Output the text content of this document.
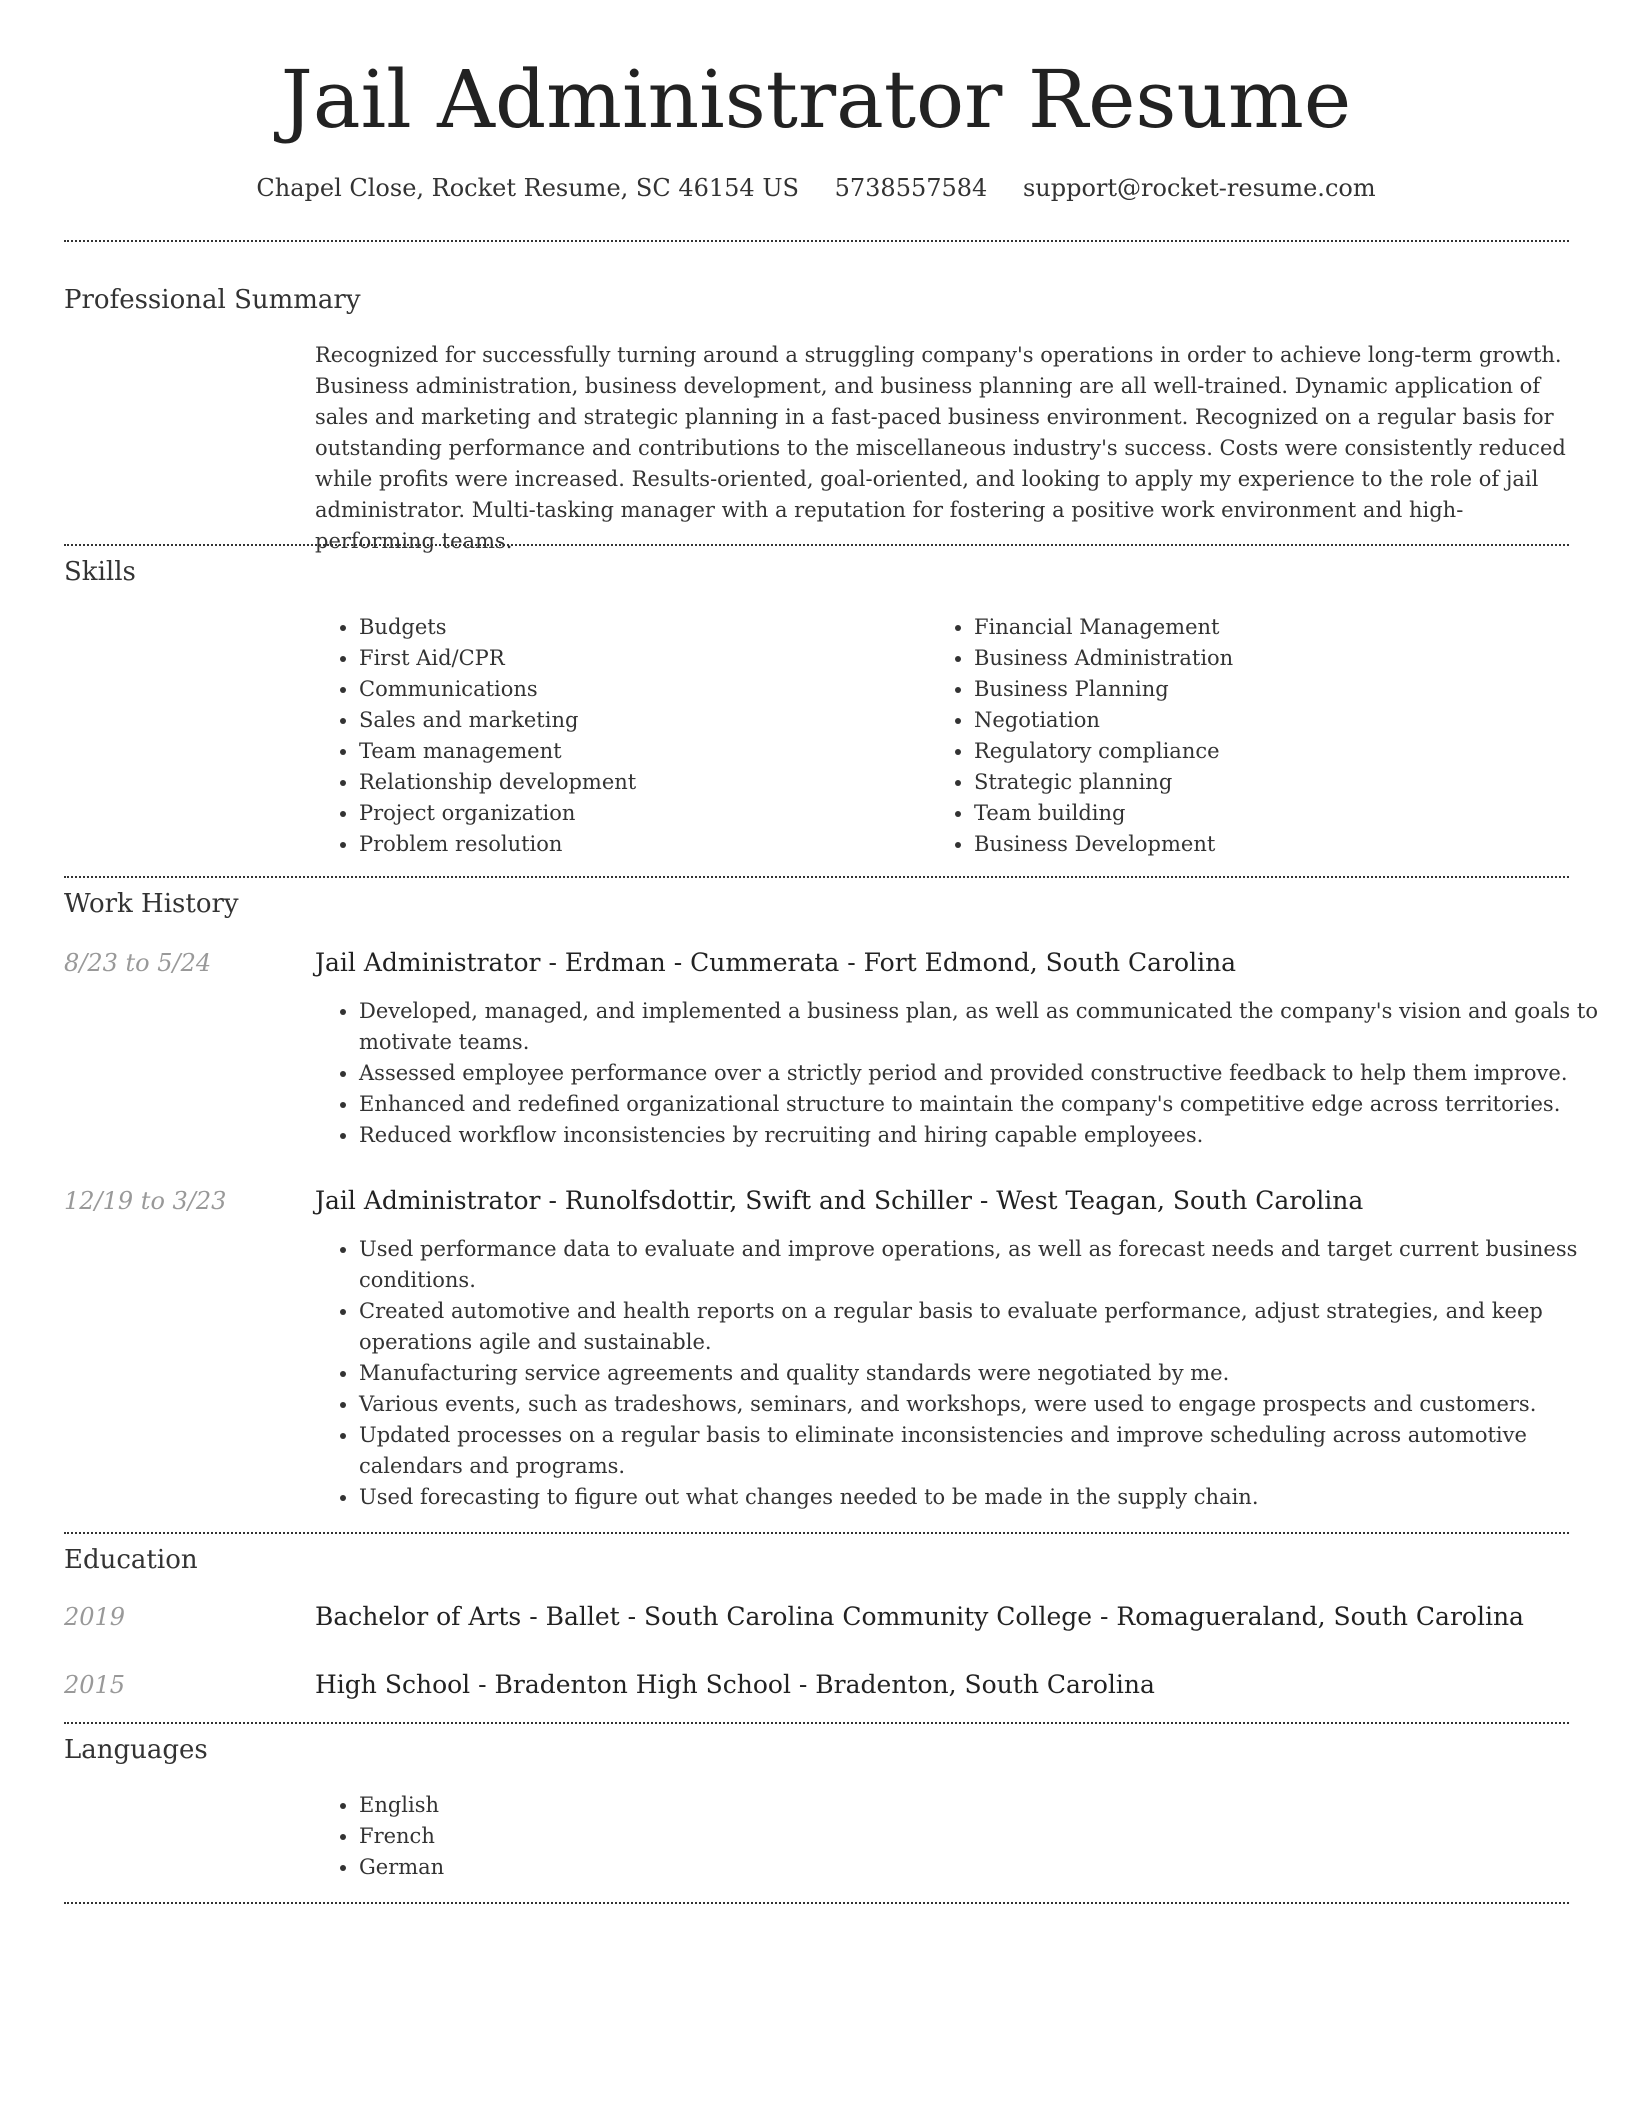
Jail Administrator Resume
Chapel Close, Rocket Resume, SC 46154 US 5738557584 support@rocket-resume.com
Professional Summary
Recognized for successfully turning around a struggling company's operations in order to achieve long-term growth. Business administration, business development, and business planning are all well-trained. Dynamic application of sales and marketing and strategic planning in a fast-paced business environment. Recognized on a regular basis for outstanding performance and contributions to the miscellaneous industry's success. Costs were consistently reduced while profits were increased. Results-oriented, goal-oriented, and looking to apply my experience to the role of jail administrator. Multi-tasking manager with a reputation for fostering a positive work environment and high-performing teams.
Skills
• Budgets
• First Aid/CPR
• Communications
• Sales and marketing
• Team management
• Relationship development
• Project organization
• Problem resolution
• Financial Management
• Business Administration
• Business Planning
• Negotiation
• Regulatory compliance
• Strategic planning
• Team building
• Business Development
Work History
8/23 to 5/24	Jail Administrator - Erdman - Cummerata - Fort Edmond, South Carolina
• Developed, managed, and implemented a business plan, as well as communicated the company's vision and goals to motivate teams.
• Assessed employee performance over a strictly period and provided constructive feedback to help them improve.
• Enhanced and redefined organizational structure to maintain the company's competitive edge across territories.
• Reduced workflow inconsistencies by recruiting and hiring capable employees.
12/19 to 3/23	Jail Administrator - Runolfsdottir, Swift and Schiller - West Teagan, South Carolina
• Used performance data to evaluate and improve operations, as well as forecast needs and target current business conditions.
• Created automotive and health reports on a regular basis to evaluate performance, adjust strategies, and keep operations agile and sustainable.
• Manufacturing service agreements and quality standards were negotiated by me.
• Various events, such as tradeshows, seminars, and workshops, were used to engage prospects and customers.
• Updated processes on a regular basis to eliminate inconsistencies and improve scheduling across automotive calendars and programs.
• Used forecasting to figure out what changes needed to be made in the supply chain.
Education
2019	Bachelor of Arts - Ballet - South Carolina Community College - Romagueraland, South Carolina
2015	High School - Bradenton High School - Bradenton, South Carolina
Languages
• English
• French
• German
